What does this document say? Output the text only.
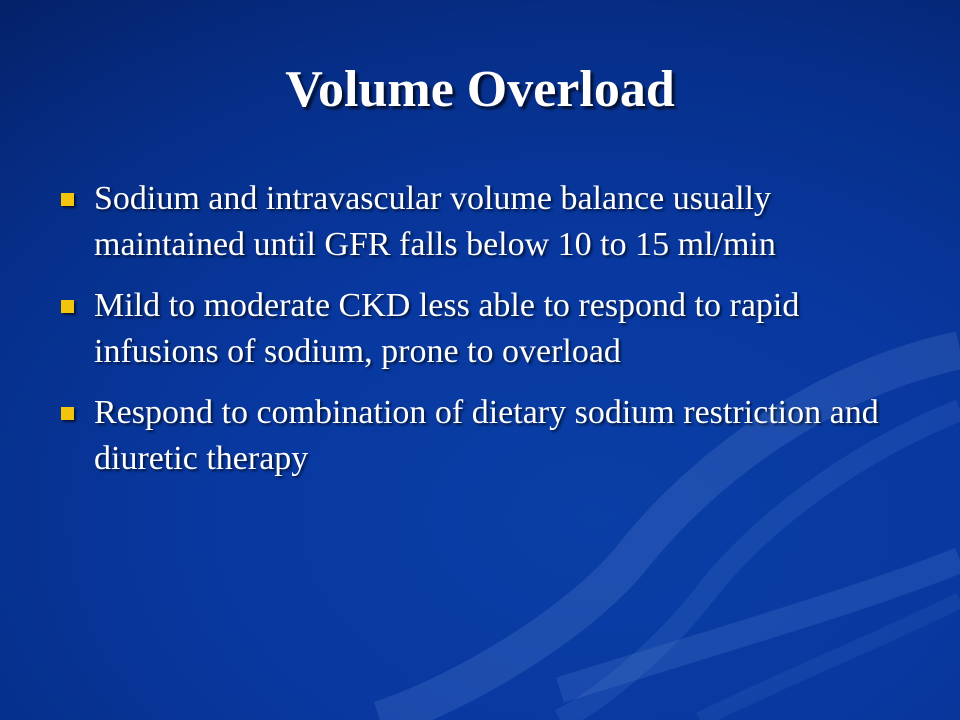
Volume Overload
Sodium and intravascular volume balance usually maintained until GFR falls below 10 to 15 ml/min
Mild to moderate CKD less able to respond to rapid infusions of sodium, prone to overload
Respond to combination of dietary sodium restriction and diuretic therapy
